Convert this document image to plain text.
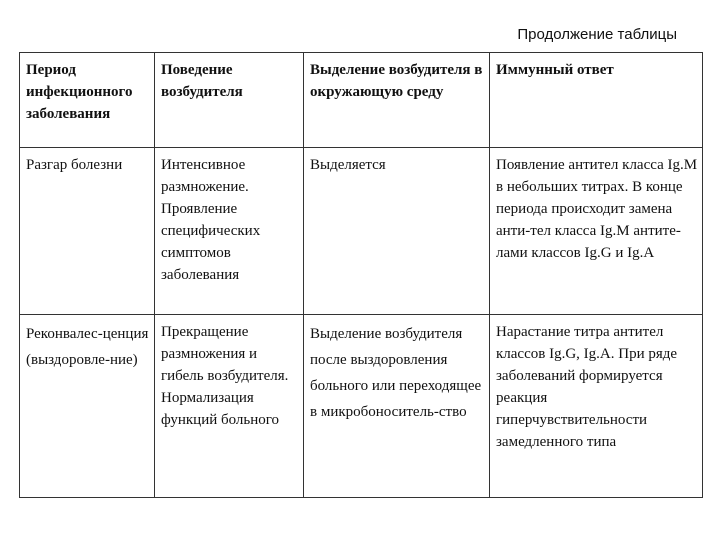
Продолжение таблицы
Период инфекционного заболевания	Поведение возбудителя	Выделение возбудителя в окружающую среду	Иммунный ответ
Разгар болезни	Интенсивное размножение. Проявление специфических симптомов заболевания	Выделяется	Появление антител класса Ig.M в небольших титрах. В конце периода происходит замена анти-тел класса Ig.M антите-лами классов Ig.G и Ig.A
Реконвалес-ценция (выздоровле-ние)	Прекращение размножения и гибель возбудителя. Нормализация функций больного	Выделение возбудителя после выздоровления больного или переходящее в микробоноситель-ство	Нарастание титра антител классов Ig.G, Ig.A. При ряде заболеваний формируется реакция гиперчувствительности замедленного типа
